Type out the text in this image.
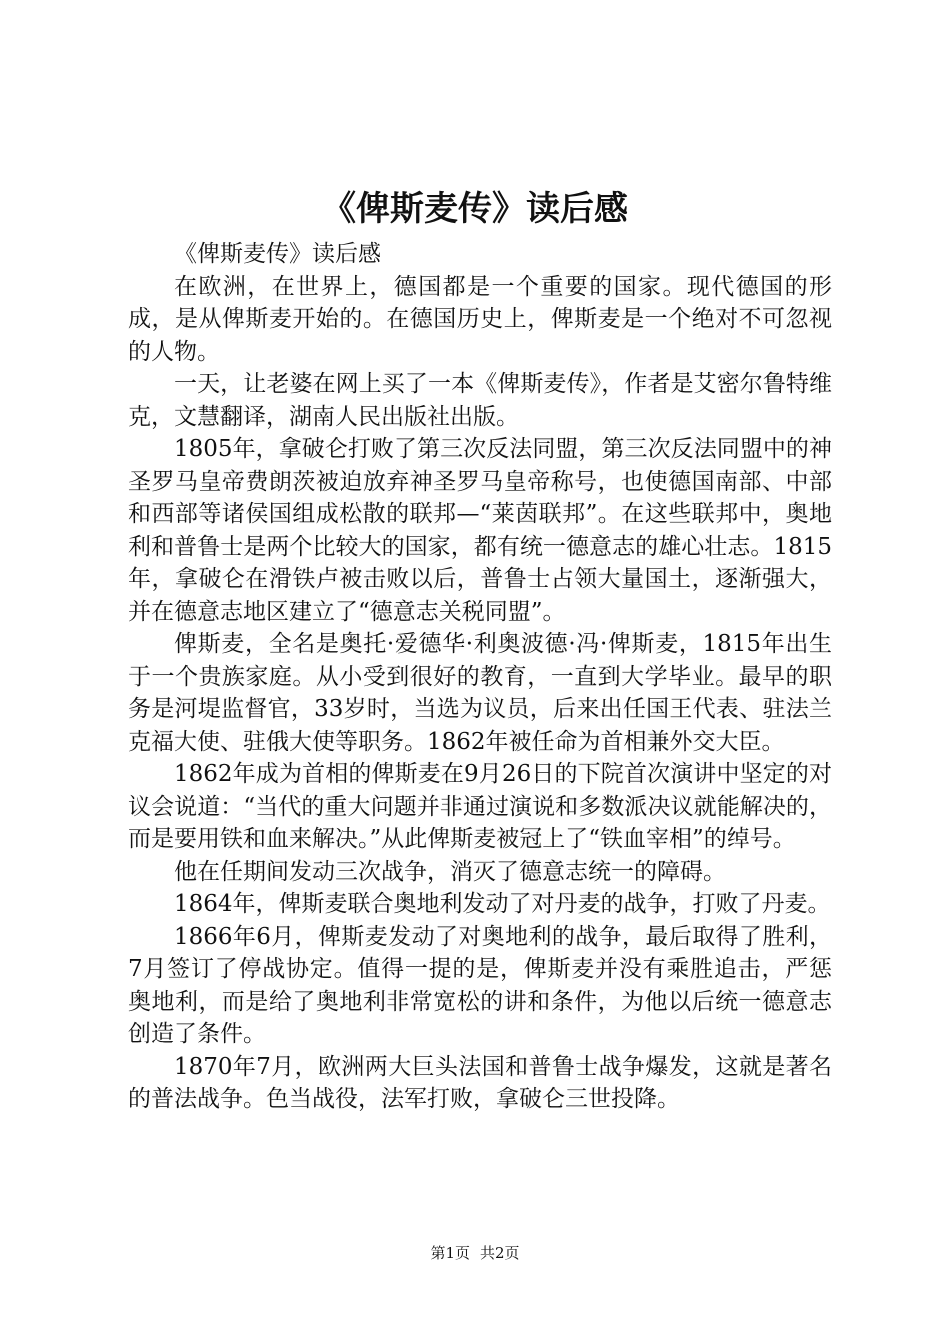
《俾斯麦传》读后感

《俾斯麦传》读后感

在欧洲，在世界上，德国都是一个重要的国家。现代德国的形成，是从俾斯麦开始的。在德国历史上，俾斯麦是一个绝对不可忽视的人物。

一天，让老婆在网上买了一本《俾斯麦传》，作者是艾密尔鲁特维克，文慧翻译，湖南人民出版社出版。

1805年，拿破仑打败了第三次反法同盟，第三次反法同盟中的神圣罗马皇帝费朗茨被迫放弃神圣罗马皇帝称号，也使德国南部、中部和西部等诸侯国组成松散的联邦—“莱茵联邦”。在这些联邦中，奥地利和普鲁士是两个比较大的国家，都有统一德意志的雄心壮志。1815年，拿破仑在滑铁卢被击败以后，普鲁士占领大量国土，逐渐强大，并在德意志地区建立了“德意志关税同盟”。

俾斯麦，全名是奥托·爱德华·利奥波德·冯·俾斯麦，1815年出生于一个贵族家庭。从小受到很好的教育，一直到大学毕业。最早的职务是河堤监督官，33岁时，当选为议员，后来出任国王代表、驻法兰克福大使、驻俄大使等职务。1862年被任命为首相兼外交大臣。

1862年成为首相的俾斯麦在9月26日的下院首次演讲中坚定的对议会说道：“当代的重大问题并非通过演说和多数派决议就能解决的，而是要用铁和血来解决。”从此俾斯麦被冠上了“铁血宰相”的绰号。

他在任期间发动三次战争，消灭了德意志统一的障碍。

1864年，俾斯麦联合奥地利发动了对丹麦的战争，打败了丹麦。

1866年6月，俾斯麦发动了对奥地利的战争，最后取得了胜利，7月签订了停战协定。值得一提的是，俾斯麦并没有乘胜追击，严惩奥地利，而是给了奥地利非常宽松的讲和条件，为他以后统一德意志创造了条件。

1870年7月，欧洲两大巨头法国和普鲁士战争爆发，这就是著名的普法战争。色当战役，法军打败，拿破仑三世投降。

第1页 共2页
